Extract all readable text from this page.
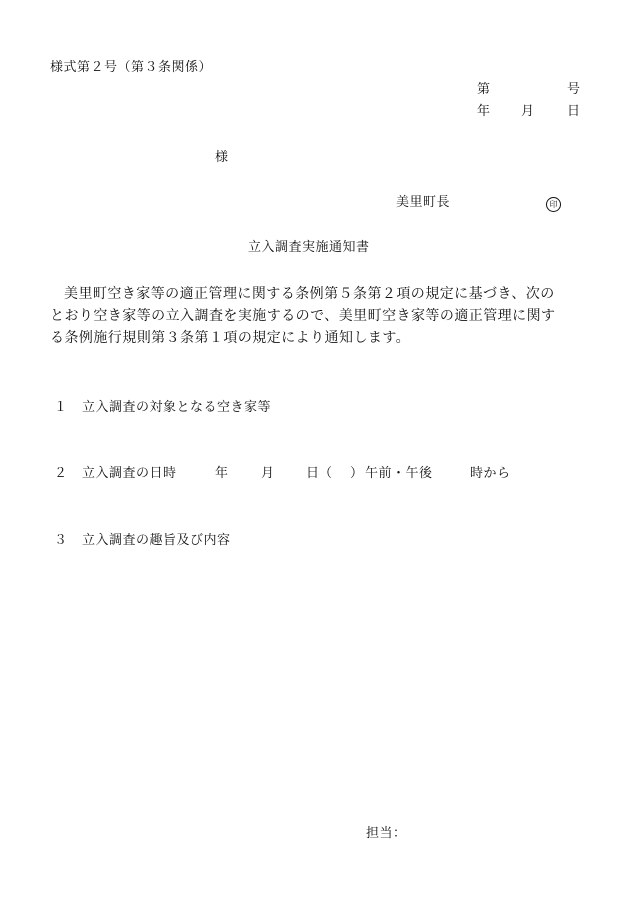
様式第２号（第３条関係）
第	号
年 月	日
様
美里町長	印
立入調査実施通知書
美里町空き家等の適正管理に関する条例第５条第２項の規定に基づき、次の
とおり空き家等の立入調査を実施するので、美里町空き家等の適正管理に関す
る条例施行規則第３条第１項の規定により通知します。
１ 立入調査の対象となる空き家等
２ 立入調査の日時	年	月 日（ ） 午前・午後	時から
３ 立入調査の趣旨及び内容
担当：
